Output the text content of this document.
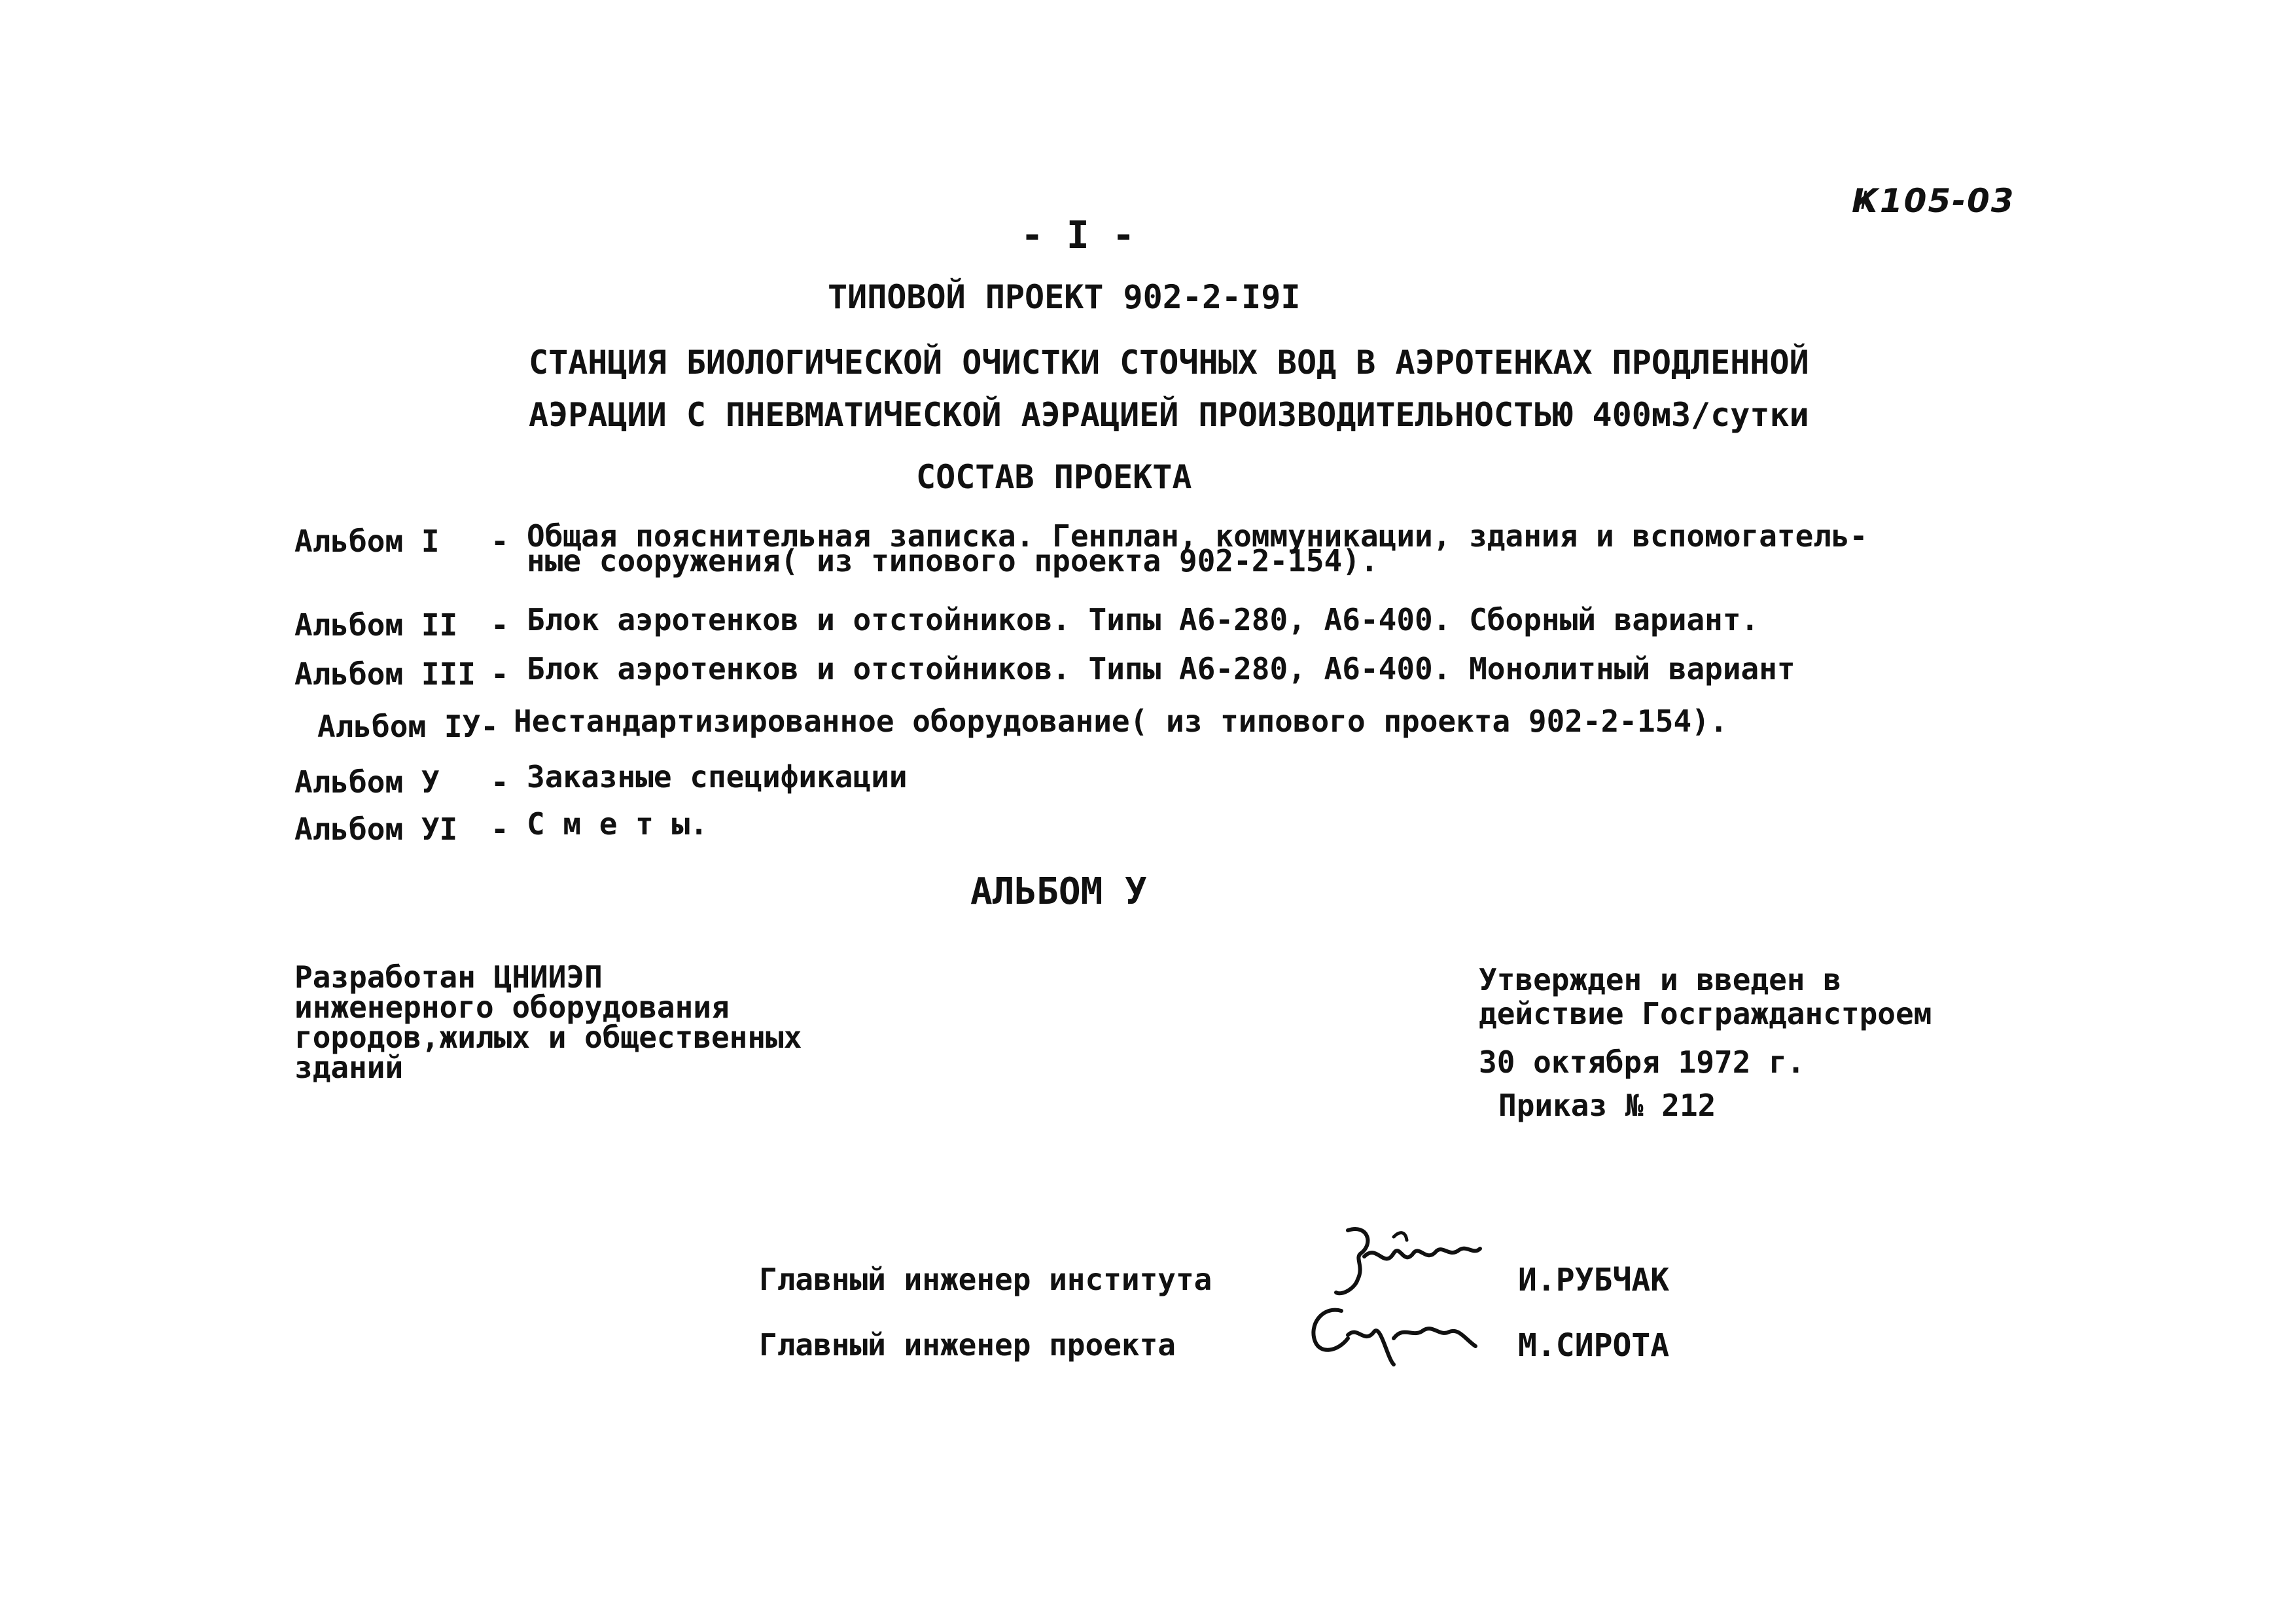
Ҝ105-03
- I -
ТИПОВОЙ ПРОЕКТ 902-2-I9I
СТАНЦИЯ БИОЛОГИЧЕСКОЙ ОЧИСТКИ СТОЧНЫХ ВОД В АЭРОТЕНКАХ ПРОДЛЕННОЙ
АЭРАЦИИ С ПНЕВМАТИЧЕСКОЙ АЭРАЦИЕЙ ПРОИЗВОДИТЕЛЬНОСТЬЮ 400м3/сутки
СОСТАВ ПРОЕКТА
Альбом I	- Общая пояснительная записка. Генплан, коммуникации, здания и вспомогатель-
ные сооружения( из типового проекта 902-2-154).
Альбом II	- Блок аэротенков и отстойников. Типы А6-280, А6-400. Сборный вариант.
Альбом III - Блок аэротенков и отстойников. Типы А6-280, А6-400. Монолитный вариант
Альбом IУ- Нестандартизированное оборудование( из типового проекта 902-2-154).
Альбом У	- Заказные спецификации
Альбом УI	- С м е т ы.
АЛЬБОМ У
Разработан ЦНИИЭП
инженерного оборудования
городов,жилых и общественных
зданий
Утвержден и введен в
действие Госгражданстроем
30 октября 1972 г.
Приказ № 212
Главный инженер института	И.РУБЧАК
Главный инженер проекта	М.СИРОТА
